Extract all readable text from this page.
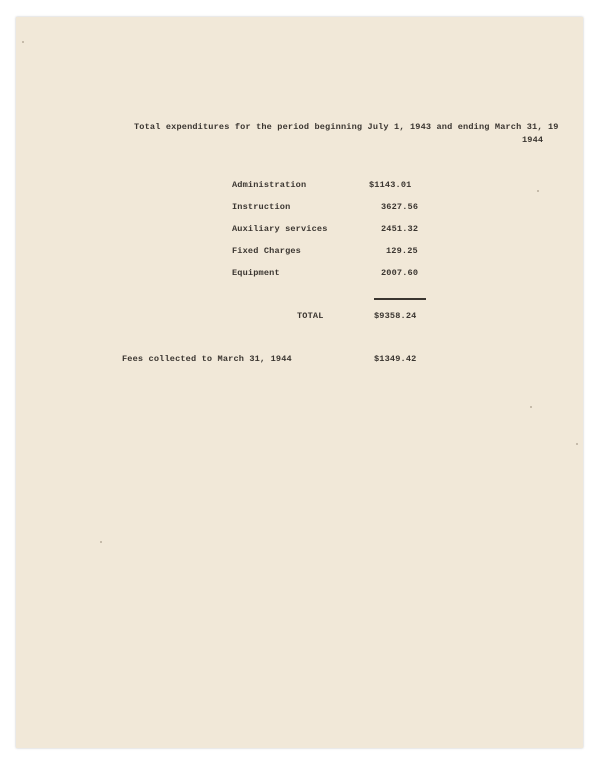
Total expenditures for the period beginning July 1, 1943 and ending March 31, 19
1944
Administration	$1143.01
Instruction	3627.56
Auxiliary services	2451.32
Fixed Charges	129.25
Equipment	2007.60
TOTAL	$9358.24
Fees collected to March 31, 1944	$1349.42
